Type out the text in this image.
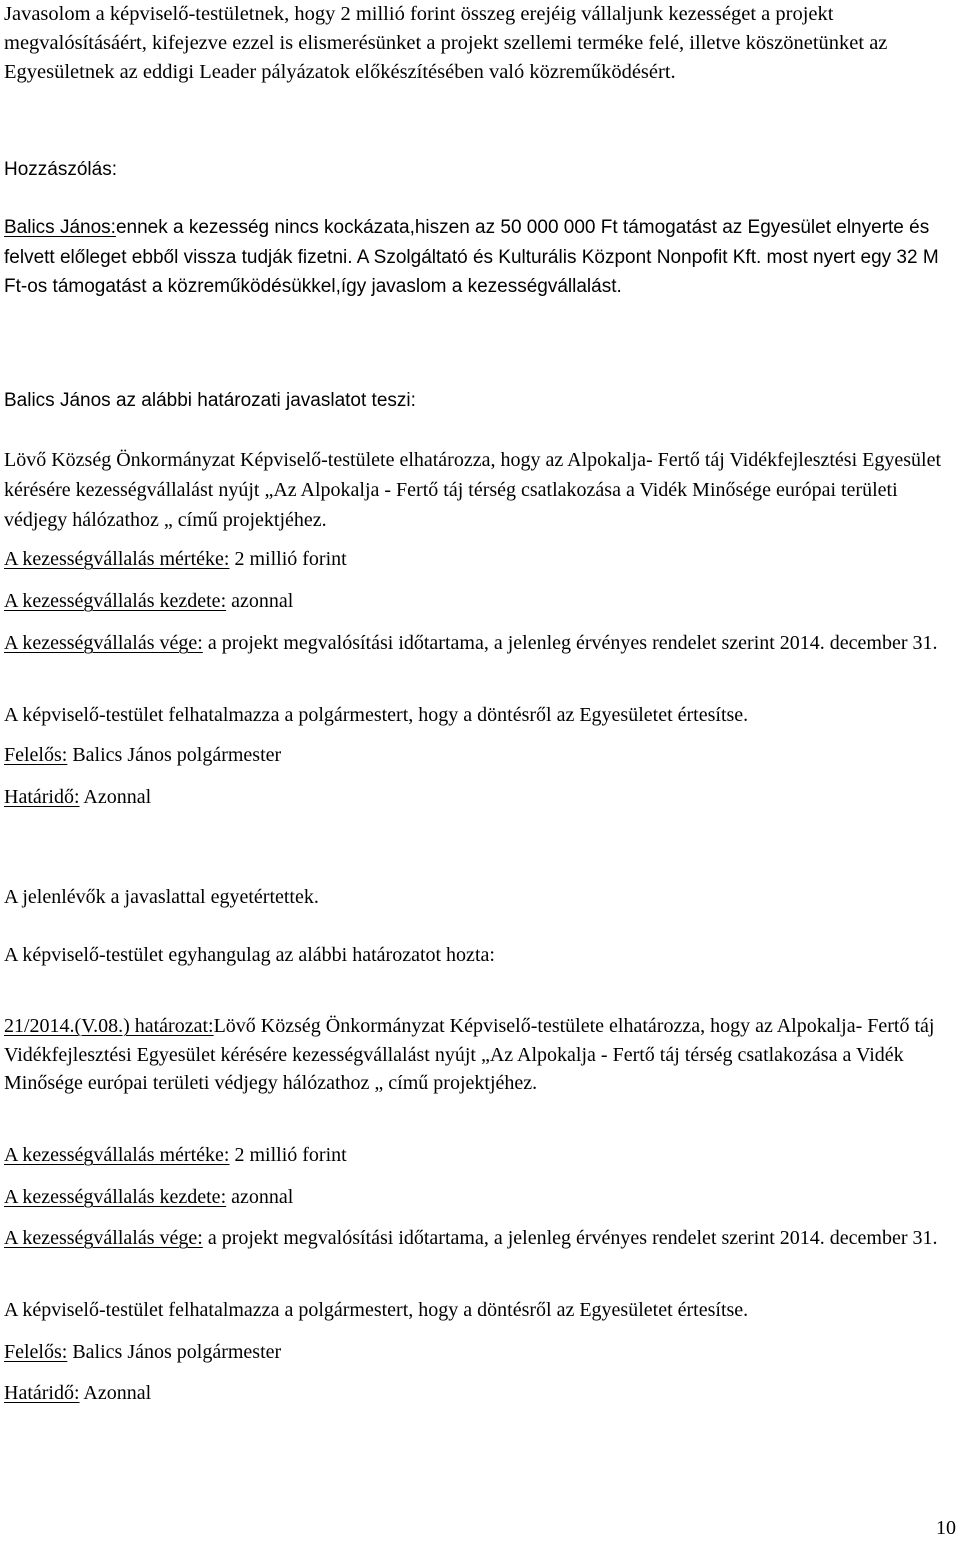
Javasolom a képviselő-testületnek, hogy 2 millió forint összeg erejéig vállaljunk kezességet a projekt megvalósításáért, kifejezve ezzel is elismerésünket a projekt szellemi terméke felé, illetve köszönetünket az Egyesületnek az eddigi Leader pályázatok előkészítésében való közreműködésért.

Hozzászólás:

Balics János:ennek a kezesség nincs kockázata,hiszen az 50 000 000 Ft támogatást az Egyesület elnyerte és felvett előleget ebből vissza tudják fizetni. A Szolgáltató és Kulturális Központ Nonpofit Kft. most nyert egy 32 M Ft-os támogatást a közreműködésükkel,így javaslom a kezességvállalást.

Balics János az alábbi határozati javaslatot teszi:

Lövő Község Önkormányzat Képviselő-testülete elhatározza, hogy az Alpokalja- Fertő táj Vidékfejlesztési Egyesület kérésére kezességvállalást nyújt „Az Alpokalja - Fertő táj térség csatlakozása a Vidék Minősége európai területi védjegy hálózathoz „ című projektjéhez.

A kezességvállalás mértéke: 2 millió forint

A kezességvállalás kezdete: azonnal

A kezességvállalás vége: a projekt megvalósítási időtartama, a jelenleg érvényes rendelet szerint 2014. december 31.

A képviselő-testület felhatalmazza a polgármestert, hogy a döntésről az Egyesületet értesítse.

Felelős: Balics János polgármester

Határidő: Azonnal

A jelenlévők a javaslattal egyetértettek.

A képviselő-testület egyhangulag az alábbi határozatot hozta:

21/2014.(V.08.) határozat:Lövő Község Önkormányzat Képviselő-testülete elhatározza, hogy az Alpokalja- Fertő táj Vidékfejlesztési Egyesület kérésére kezességvállalást nyújt „Az Alpokalja - Fertő táj térség csatlakozása a Vidék Minősége európai területi védjegy hálózathoz „ című projektjéhez.

A kezességvállalás mértéke: 2 millió forint

A kezességvállalás kezdete: azonnal

A kezességvállalás vége: a projekt megvalósítási időtartama, a jelenleg érvényes rendelet szerint 2014. december 31.

A képviselő-testület felhatalmazza a polgármestert, hogy a döntésről az Egyesületet értesítse.

Felelős: Balics János polgármester

Határidő: Azonnal

10
